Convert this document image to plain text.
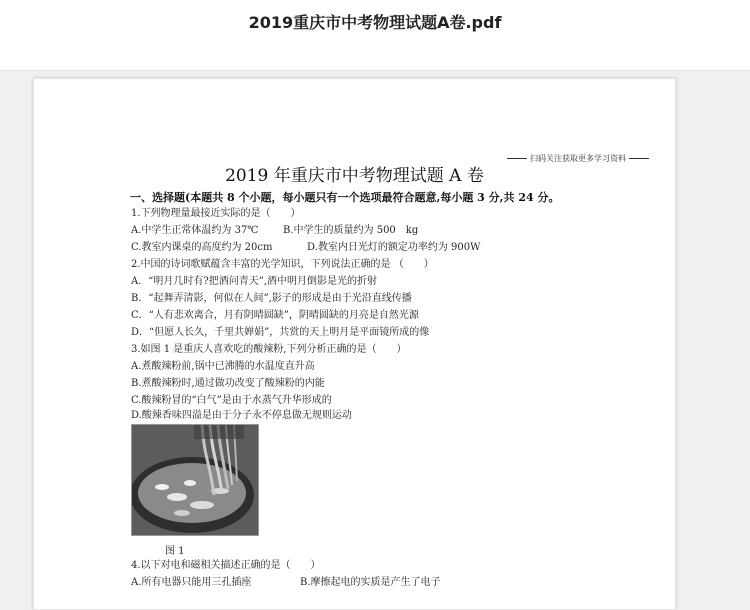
2019重庆市中考物理试题A卷.pdf
扫码关注获取更多学习资料
2019 年重庆市中考物理试题 A 卷
一、选择题(本题共 8 个小题，每小题只有一个选项最符合题意,每小题 3 分,共 24 分。
1.下列物理量最接近实际的是（　　）
A.中学生正常体温约为 37℃ B.中学生的质量约为 500　kg
C.教室内课桌的高度约为 20cm	D.教室内日光灯的额定功率约为 900W
2.中国的诗词歌赋蕴含丰富的光学知识，下列说法正确的是 （　　）
A．“明月几时有?把酒问青天”,酒中明月倒影是光的折射
B．“起舞弄清影，何似在人间”,影子的形成是由于光沿直线传播
C．“人有悲欢离合，月有阴晴圆缺”，阴晴圆缺的月亮是自然光源
D．“但愿人长久，千里共婵娟”，共赏的天上明月是平面镜所成的像
3.如图 1 是重庆人喜欢吃的酸辣粉,下列分析正确的是（　　）
A.煮酸辣粉前,锅中已沸腾的水温度直升高
B.煮酸辣粉时,通过做功改变了酸辣粉的内能
C.酸辣粉冒的“白气”是由于水蒸气升华形成的
D.酸辣香味四溢是由于分子永不停息做无规则运动
图 1
4.以下对电和磁相关描述正确的是（　　）
A.所有电器只能用三孔插座	B.摩擦起电的实质是产生了电子
